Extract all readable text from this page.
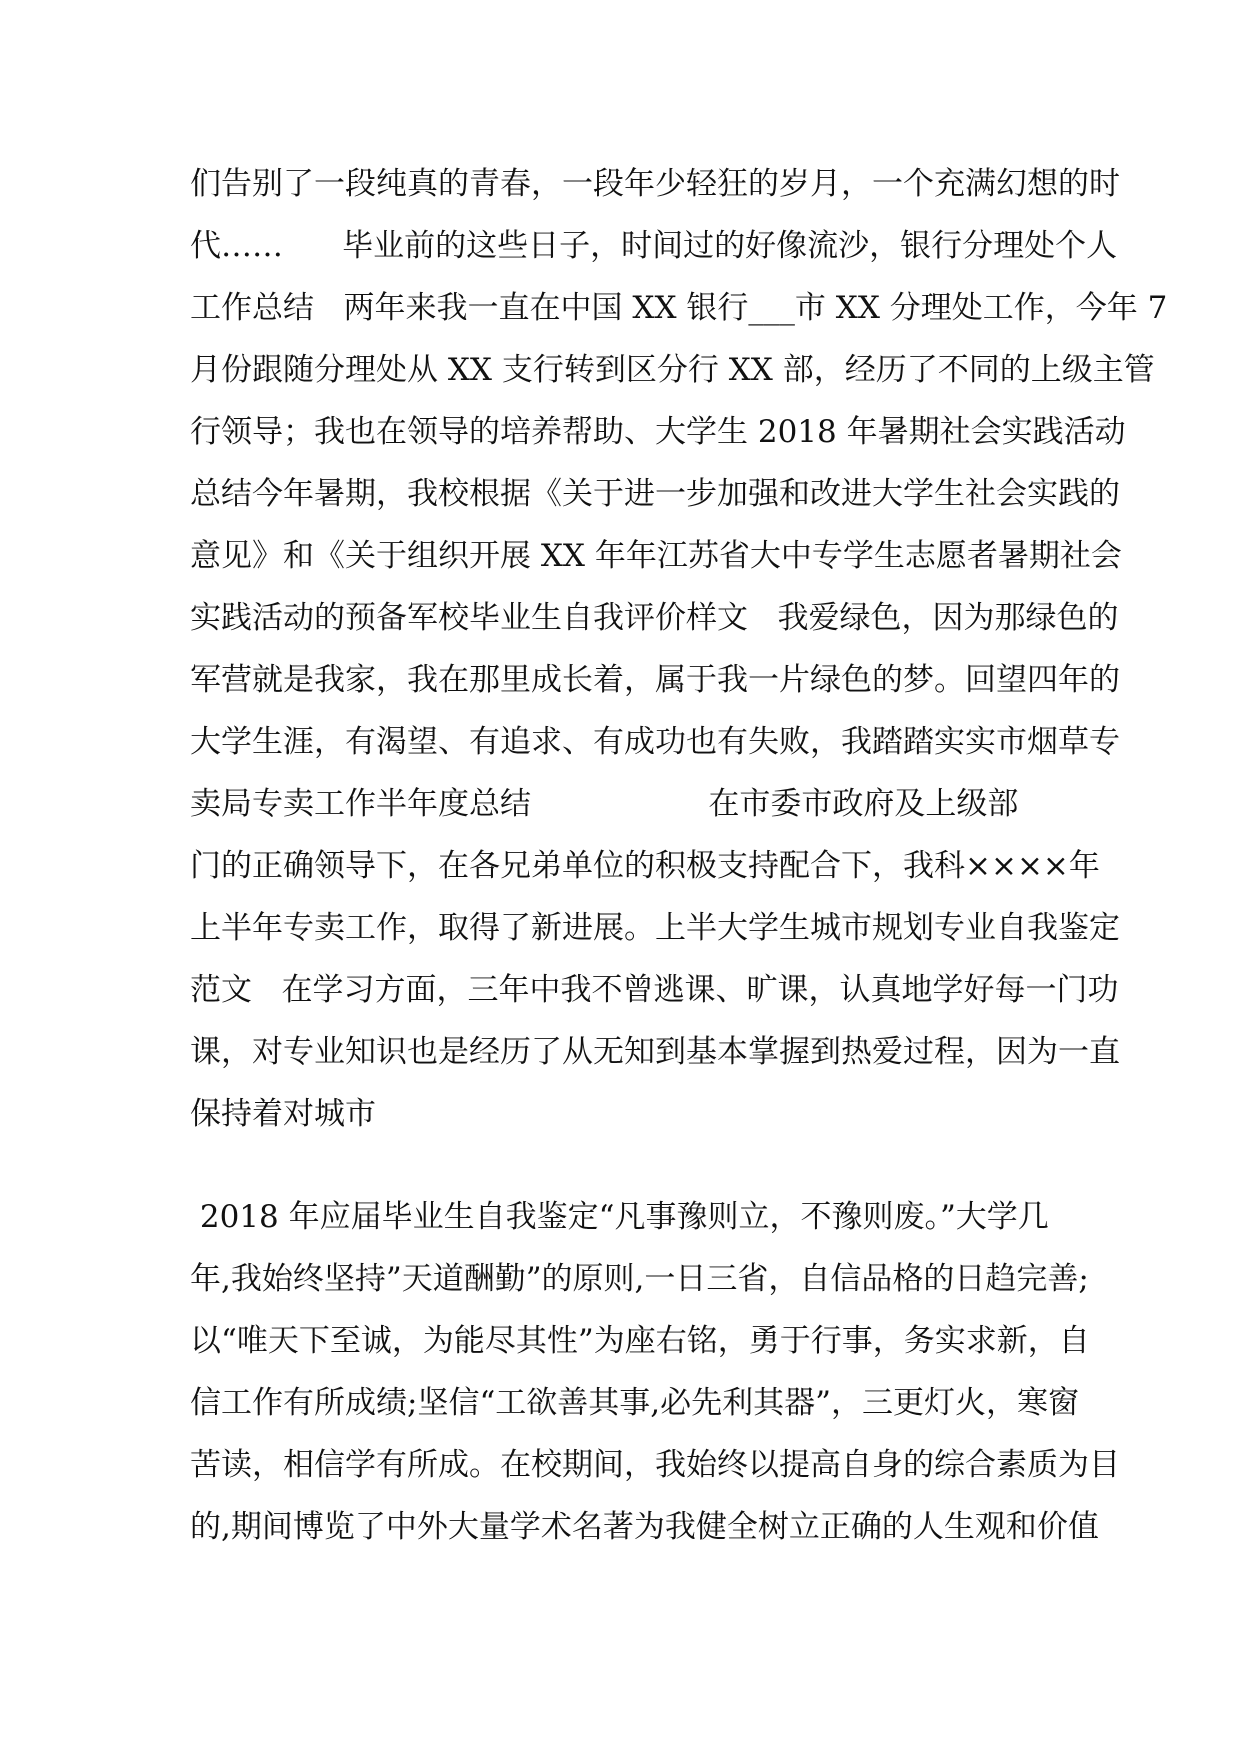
们告别了一段纯真的青春，一段年少轻狂的岁月，一个充满幻想的时
代……      毕业前的这些日子，时间过的好像流沙，银行分理处个人
工作总结   两年来我一直在中国 XX 银行___市 XX 分理处工作，今年 7
月份跟随分理处从 XX 支行转到区分行 XX 部，经历了不同的上级主管
行领导；我也在领导的培养帮助、大学生 2018 年暑期社会实践活动
总结今年暑期，我校根据《关于进一步加强和改进大学生社会实践的
意见》和《关于组织开展 XX 年年江苏省大中专学生志愿者暑期社会
实践活动的预备军校毕业生自我评价样文   我爱绿色，因为那绿色的
军营就是我家，我在那里成长着，属于我一片绿色的梦。回望四年的
大学生涯，有渴望、有追求、有成功也有失败，我踏踏实实市烟草专
卖局专卖工作半年度总结                  在市委市政府及上级部
门的正确领导下，在各兄弟单位的积极支持配合下，我科××××年
上半年专卖工作，取得了新进展。上半大学生城市规划专业自我鉴定
范文   在学习方面，三年中我不曾逃课、旷课，认真地学好每一门功
课，对专业知识也是经历了从无知到基本掌握到热爱过程，因为一直
保持着对城市
2018 年应届毕业生自我鉴定“凡事豫则立，不豫则废。”大学几
年,我始终坚持”天道酬勤”的原则,一日三省，自信品格的日趋完善;
以“唯天下至诚，为能尽其性”为座右铭，勇于行事，务实求新，自
信工作有所成绩;坚信“工欲善其事,必先利其器”，三更灯火，寒窗
苦读，相信学有所成。在校期间，我始终以提高自身的综合素质为目
的,期间博览了中外大量学术名著为我健全树立正确的人生观和价值
